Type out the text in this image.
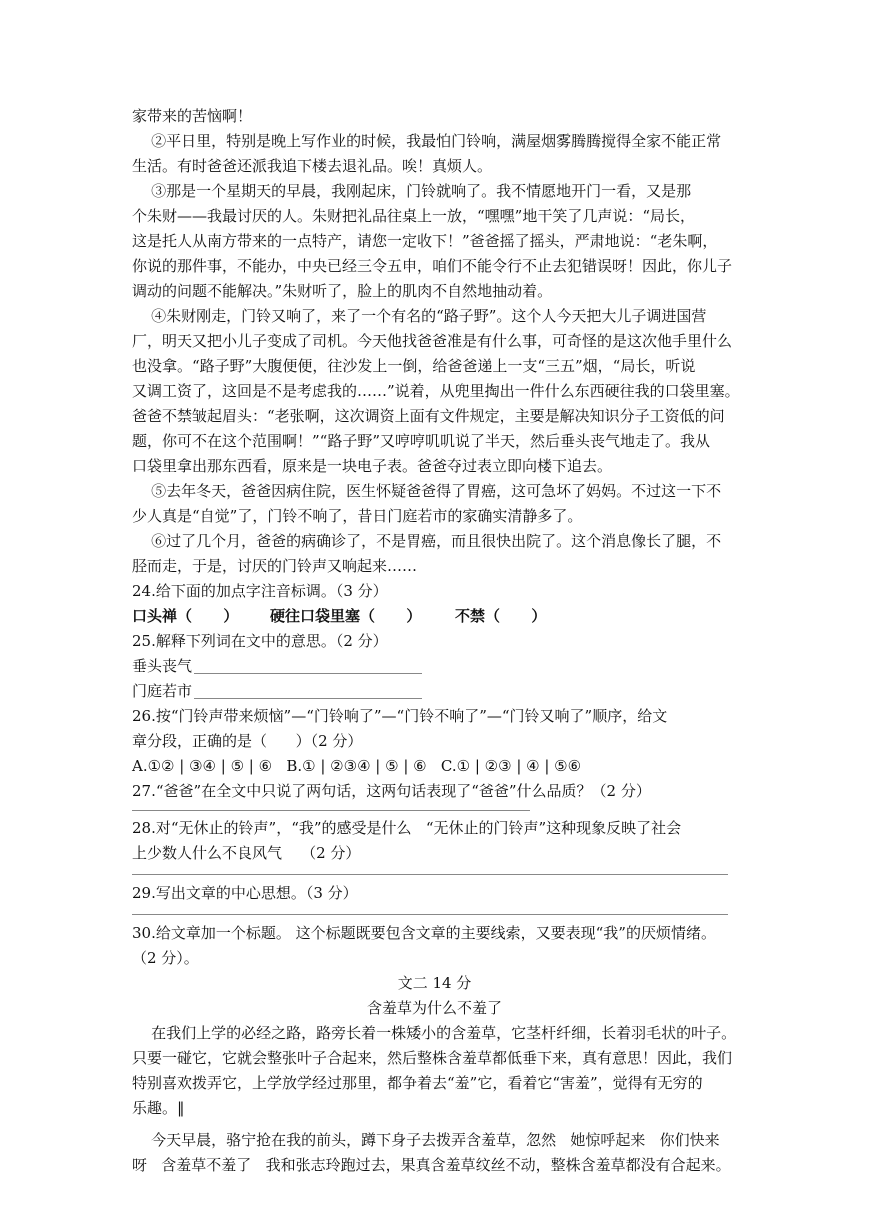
家带来的苦恼啊！
②平日里，特别是晚上写作业的时候，我最怕门铃响，满屋烟雾腾腾搅得全家不能正常
生活。有时爸爸还派我追下楼去退礼品。唉！真烦人。
③那是一个星期天的早晨，我刚起床，门铃就响了。我不情愿地开门一看，又是那
个朱财——我最讨厌的人。朱财把礼品往桌上一放，“嘿嘿”地干笑了几声说：“局长，
这是托人从南方带来的一点特产，请您一定收下！”爸爸摇了摇头，严肃地说：“老朱啊，
你说的那件事，不能办，中央已经三令五申，咱们不能令行不止去犯错误呀！因此，你儿子
调动的问题不能解决。”朱财听了，脸上的肌肉不自然地抽动着。
④朱财刚走，门铃又响了，来了一个有名的“路子野”。这个人今天把大儿子调进国营
厂，明天又把小儿子变成了司机。今天他找爸爸准是有什么事，可奇怪的是这次他手里什么
也没拿。“路子野”大腹便便，往沙发上一倒，给爸爸递上一支“三五”烟，“局长，听说
又调工资了，这回是不是考虑我的……”说着，从兜里掏出一件什么东西硬往我的口袋里塞。
爸爸不禁皱起眉头：“老张啊，这次调资上面有文件规定，主要是解决知识分子工资低的问
题，你可不在这个范围啊！”“路子野”又哼哼叽叽说了半天，然后垂头丧气地走了。我从
口袋里拿出那东西看，原来是一块电子表。爸爸夺过表立即向楼下追去。
⑤去年冬天，爸爸因病住院，医生怀疑爸爸得了胃癌，这可急坏了妈妈。不过这一下不
少人真是“自觉”了，门铃不响了，昔日门庭若市的家确实清静多了。
⑥过了几个月，爸爸的病确诊了，不是胃癌，而且很快出院了。这个消息像长了腿，不
胫而走，于是，讨厌的门铃声又响起来……
24.给下面的加点字注音标调。（3 分）
口头禅（      ） 硬往口袋里塞（      ） 不禁（      ）
25.解释下列词在文中的意思。（2 分）
垂头丧气
门庭若市
26.按“门铃声带来烦恼”—“门铃响了”—“门铃不响了”—“门铃又响了”顺序，给文
章分段，正确的是（      ）（2 分）
A.①② | ③④ | ⑤ | ⑥   B.① | ②③④ | ⑤ | ⑥   C.① | ②③ | ④ | ⑤⑥
27.“爸爸”在全文中只说了两句话，这两句话表现了“爸爸”什么品质？（2 分）
28.对“无休止的铃声”，“我”的感受是什么   “无休止的门铃声”这种现象反映了社会
上少数人什么不良风气    （2 分）
29.写出文章的中心思想。（3 分）
30.给文章加一个标题。 这个标题既要包含文章的主要线索，又要表现“我”的厌烦情绪。
（2 分）。
文二 14 分
含羞草为什么不羞了
在我们上学的必经之路，路旁长着一株矮小的含羞草，它茎杆纤细，长着羽毛状的叶子。
只要一碰它，它就会整张叶子合起来，然后整株含羞草都低垂下来，真有意思！因此，我们
特别喜欢拨弄它，上学放学经过那里，都争着去“羞”它，看着它“害羞”，觉得有无穷的
乐趣。‖
今天早晨，骆宁抢在我的前头，蹲下身子去拨弄含羞草，忽然   她惊呼起来   你们快来
呀   含羞草不羞了   我和张志玲跑过去，果真含羞草纹丝不动，整株含羞草都没有合起来。
